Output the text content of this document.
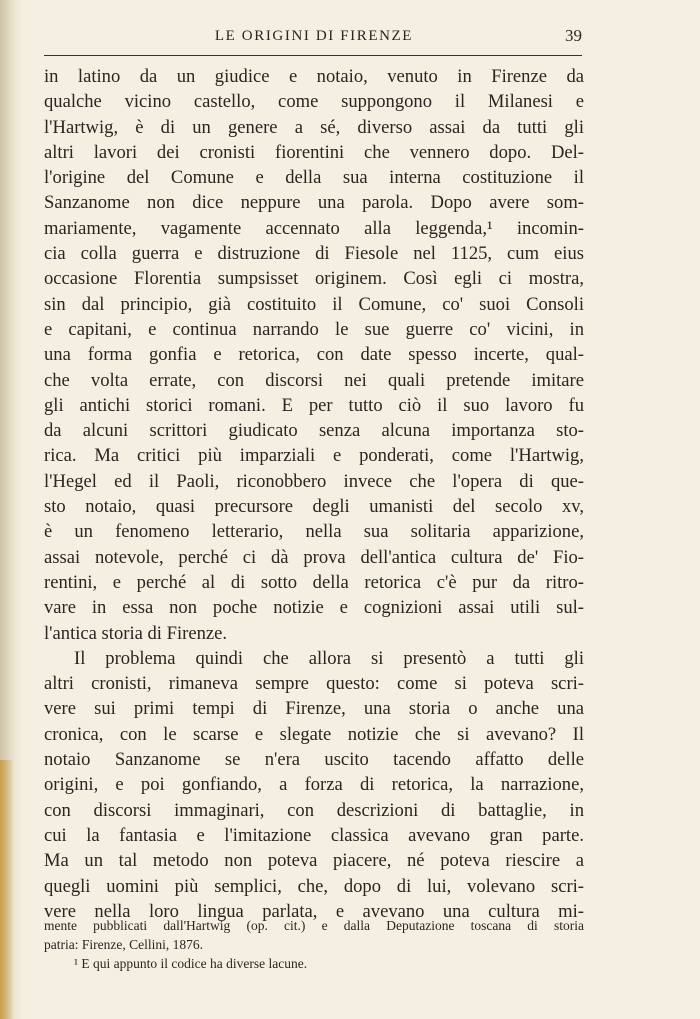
LE ORIGINI DI FIRENZE	39
in latino da un giudice e notaio, venuto in Firenze da
qualche vicino castello, come suppongono il Milanesi e
l'Hartwig, è di un genere a sé, diverso assai da tutti gli
altri lavori dei cronisti fiorentini che vennero dopo. Del-
l'origine del Comune e della sua interna costituzione il
Sanzanome non dice neppure una parola. Dopo avere som-
mariamente, vagamente accennato alla leggenda,¹ incomin-
cia colla guerra e distruzione di Fiesole nel 1125, cum eius
occasione Florentia sumpsisset originem. Così egli ci mostra,
sin dal principio, già costituito il Comune, co' suoi Consoli
e capitani, e continua narrando le sue guerre co' vicini, in
una forma gonfia e retorica, con date spesso incerte, qual-
che volta errate, con discorsi nei quali pretende imitare
gli antichi storici romani. E per tutto ciò il suo lavoro fu
da alcuni scrittori giudicato senza alcuna importanza sto-
rica. Ma critici più imparziali e ponderati, come l'Hartwig,
l'Hegel ed il Paoli, riconobbero invece che l'opera di que-
sto notaio, quasi precursore degli umanisti del secolo xv,
è un fenomeno letterario, nella sua solitaria apparizione,
assai notevole, perché ci dà prova dell'antica cultura de' Fio-
rentini, e perché al di sotto della retorica c'è pur da ritro-
vare in essa non poche notizie e cognizioni assai utili sul-
l'antica storia di Firenze.
Il problema quindi che allora si presentò a tutti gli
altri cronisti, rimaneva sempre questo: come si poteva scri-
vere sui primi tempi di Firenze, una storia o anche una
cronica, con le scarse e slegate notizie che si avevano? Il
notaio Sanzanome se n'era uscito tacendo affatto delle
origini, e poi gonfiando, a forza di retorica, la narrazione,
con discorsi immaginari, con descrizioni di battaglie, in
cui la fantasia e l'imitazione classica avevano gran parte.
Ma un tal metodo non poteva piacere, né poteva riescire a
quegli uomini più semplici, che, dopo di lui, volevano scri-
vere nella loro lingua parlata, e avevano una cultura mi-
mente pubblicati dall'Hartwig (op. cit.) e dalla Deputazione toscana di storia
patria: Firenze, Cellini, 1876.
¹ E qui appunto il codice ha diverse lacune.
